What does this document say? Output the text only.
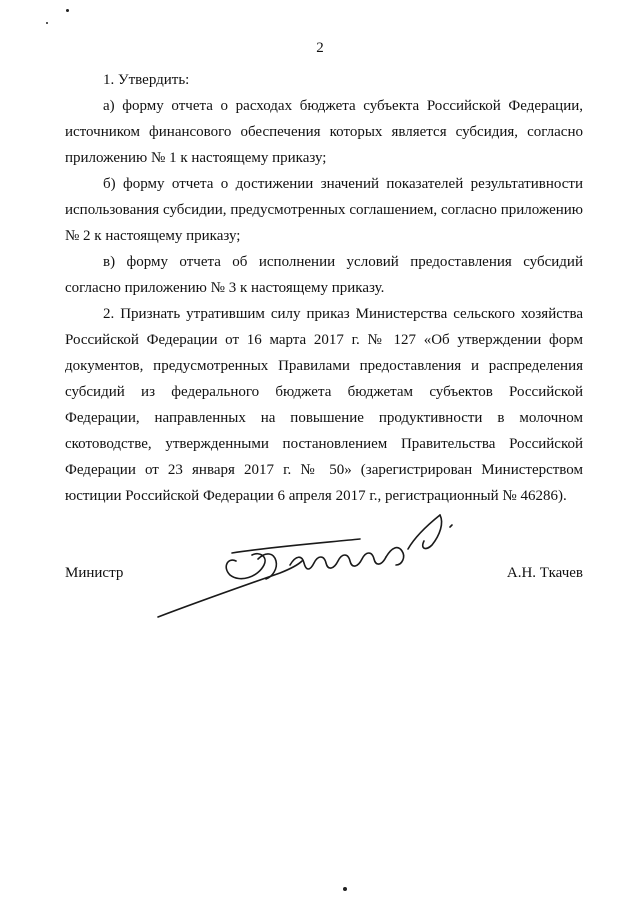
2

1. Утвердить:

а) форму отчета о расходах бюджета субъекта Российской Федерации, источником финансового обеспечения которых является субсидия, согласно приложению № 1 к настоящему приказу;

б) форму отчета о достижении значений показателей результативности использования субсидии, предусмотренных соглашением, согласно приложению № 2 к настоящему приказу;

в) форму отчета об исполнении условий предоставления субсидий согласно приложению № 3 к настоящему приказу.

2. Признать утратившим силу приказ Министерства сельского хозяйства Российской Федерации от 16 марта 2017 г. № 127 «Об утверждении форм документов, предусмотренных Правилами предоставления и распределения субсидий из федерального бюджета бюджетам субъектов Российской Федерации, направленных на повышение продуктивности в молочном скотоводстве, утвержденными постановлением Правительства Российской Федерации от 23 января 2017 г. № 50» (зарегистрирован Министерством юстиции Российской Федерации 6 апреля 2017 г., регистрационный № 46286).

Министр	А.Н. Ткачев
